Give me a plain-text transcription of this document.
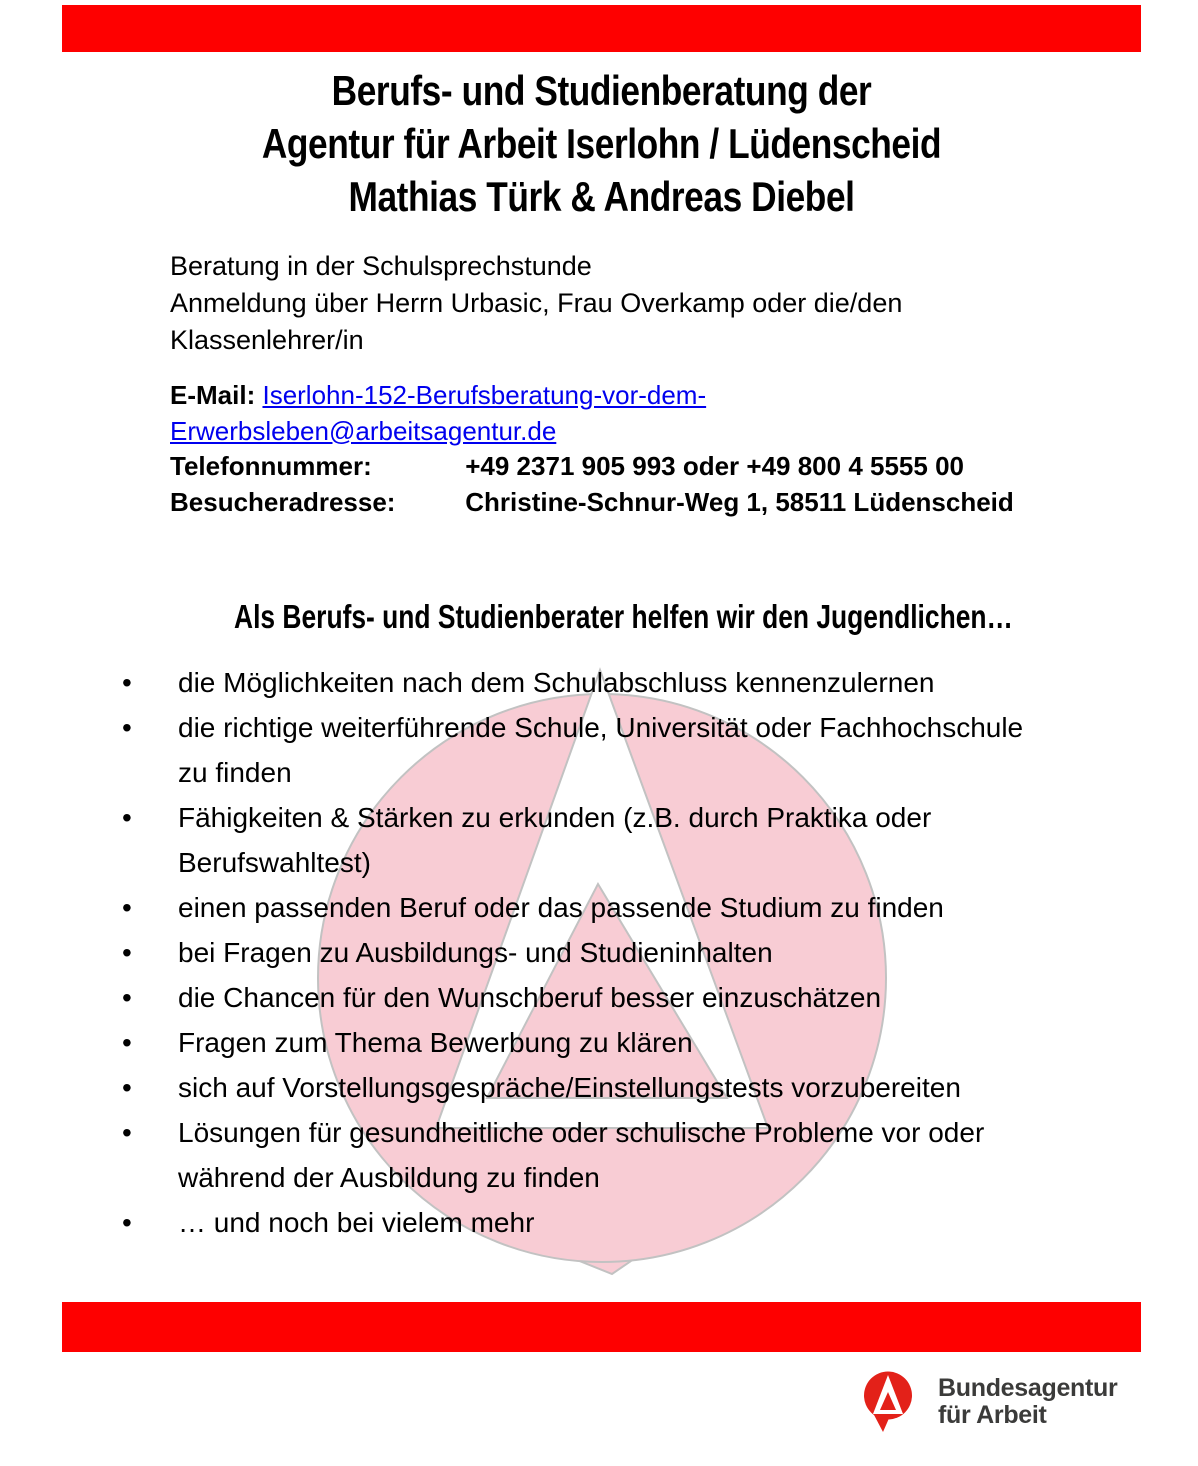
Berufs- und Studienberatung der
Agentur für Arbeit Iserlohn / Lüdenscheid
Mathias Türk & Andreas Diebel
Beratung in der Schulsprechstunde
Anmeldung über Herrn Urbasic, Frau Overkamp oder die/den
Klassenlehrer/in
E-Mail: Iserlohn-152-Berufsberatung-vor-dem-
Erwerbsleben@arbeitsagentur.de
Telefonnummer:	+49 2371 905 993 oder +49 800 4 5555 00
Besucheradresse:	Christine-Schnur-Weg 1, 58511 Lüdenscheid
Als Berufs- und Studienberater helfen wir den Jugendlichen…
•	die Möglichkeiten nach dem Schulabschluss kennenzulernen
•	die richtige weiterführende Schule, Universität oder Fachhochschule
zu finden
•	Fähigkeiten & Stärken zu erkunden (z.B. durch Praktika oder
Berufswahltest)
•	einen passenden Beruf oder das passende Studium zu finden
•	bei Fragen zu Ausbildungs- und Studieninhalten
•	die Chancen für den Wunschberuf besser einzuschätzen
•	Fragen zum Thema Bewerbung zu klären
•	sich auf Vorstellungsgespräche/Einstellungstests vorzubereiten
•	Lösungen für gesundheitliche oder schulische Probleme vor oder
während der Ausbildung zu finden
•	… und noch bei vielem mehr
Bundesagentur
für Arbeit
